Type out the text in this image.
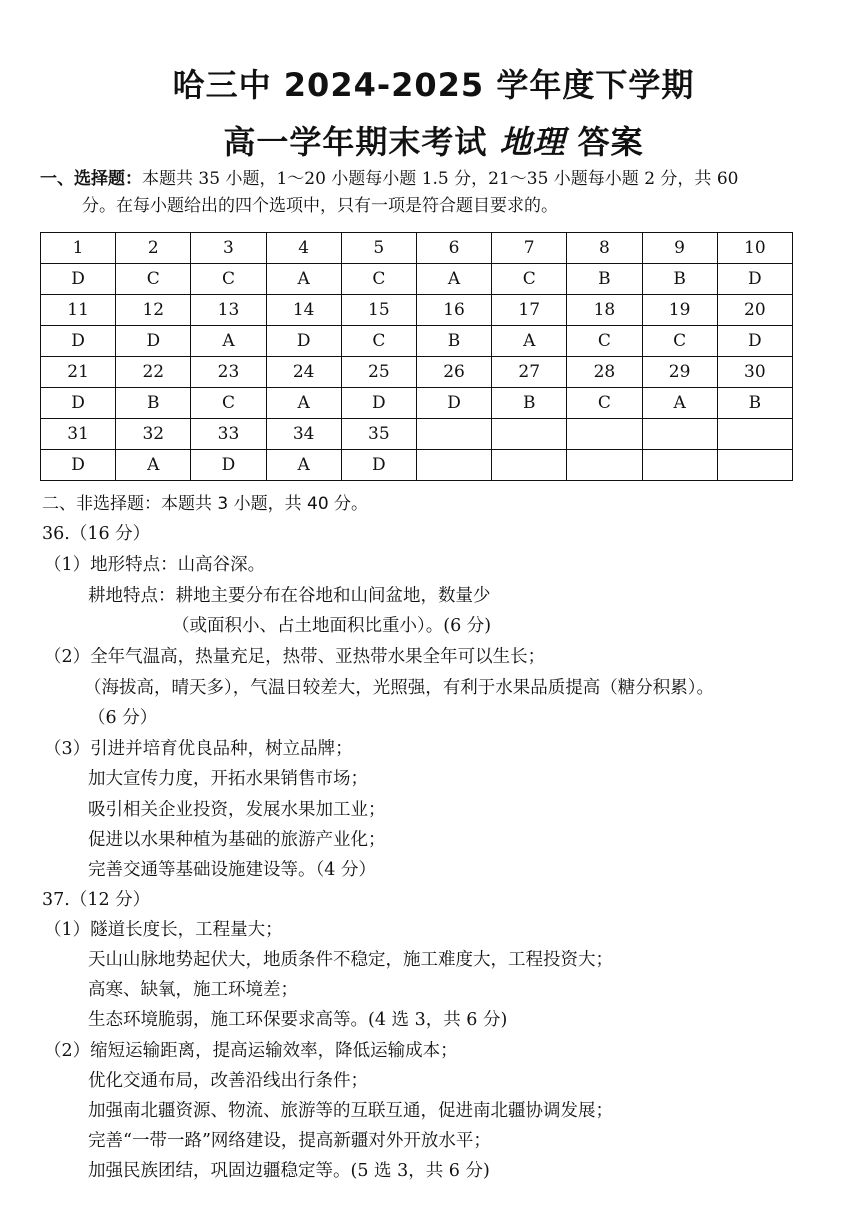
哈三中 2024-2025 学年度下学期
高一学年期末考试 地理 答案
一、选择题：本题共 35 小题，1～20 小题每小题 1.5 分，21～35 小题每小题 2 分，共 60
分。在每小题给出的四个选项中，只有一项是符合题目要求的。
1	2	3	4	5	6	7	8	9	10
D	C	C	A	C	A	C	B	B	D
11	12	13	14	15	16	17	18	19	20
D	D	A	D	C	B	A	C	C	D
21	22	23	24	25	26	27	28	29	30
D	B	C	A	D	D	B	C	A	B
31	32	33	34	35					
D	A	D	A	D					
二、非选择题：本题共 3 小题，共 40 分。
36.（16 分）
（1）地形特点：山高谷深。
耕地特点：耕地主要分布在谷地和山间盆地，数量少
（或面积小、占土地面积比重小）。(6 分)
（2）全年气温高，热量充足，热带、亚热带水果全年可以生长；
（海拔高，晴天多），气温日较差大，光照强，有利于水果品质提高（糖分积累）。
（6 分）
（3）引进并培育优良品种，树立品牌；
加大宣传力度，开拓水果销售市场；
吸引相关企业投资，发展水果加工业；
促进以水果种植为基础的旅游产业化；
完善交通等基础设施建设等。（4 分）
37.（12 分）
（1）隧道长度长，工程量大；
天山山脉地势起伏大，地质条件不稳定，施工难度大，工程投资大；
高寒、缺氧，施工环境差；
生态环境脆弱，施工环保要求高等。(4 选 3，共 6 分)
（2）缩短运输距离，提高运输效率，降低运输成本；
优化交通布局，改善沿线出行条件；
加强南北疆资源、物流、旅游等的互联互通，促进南北疆协调发展；
完善“一带一路”网络建设，提高新疆对外开放水平；
加强民族团结，巩固边疆稳定等。(5 选 3，共 6 分)
